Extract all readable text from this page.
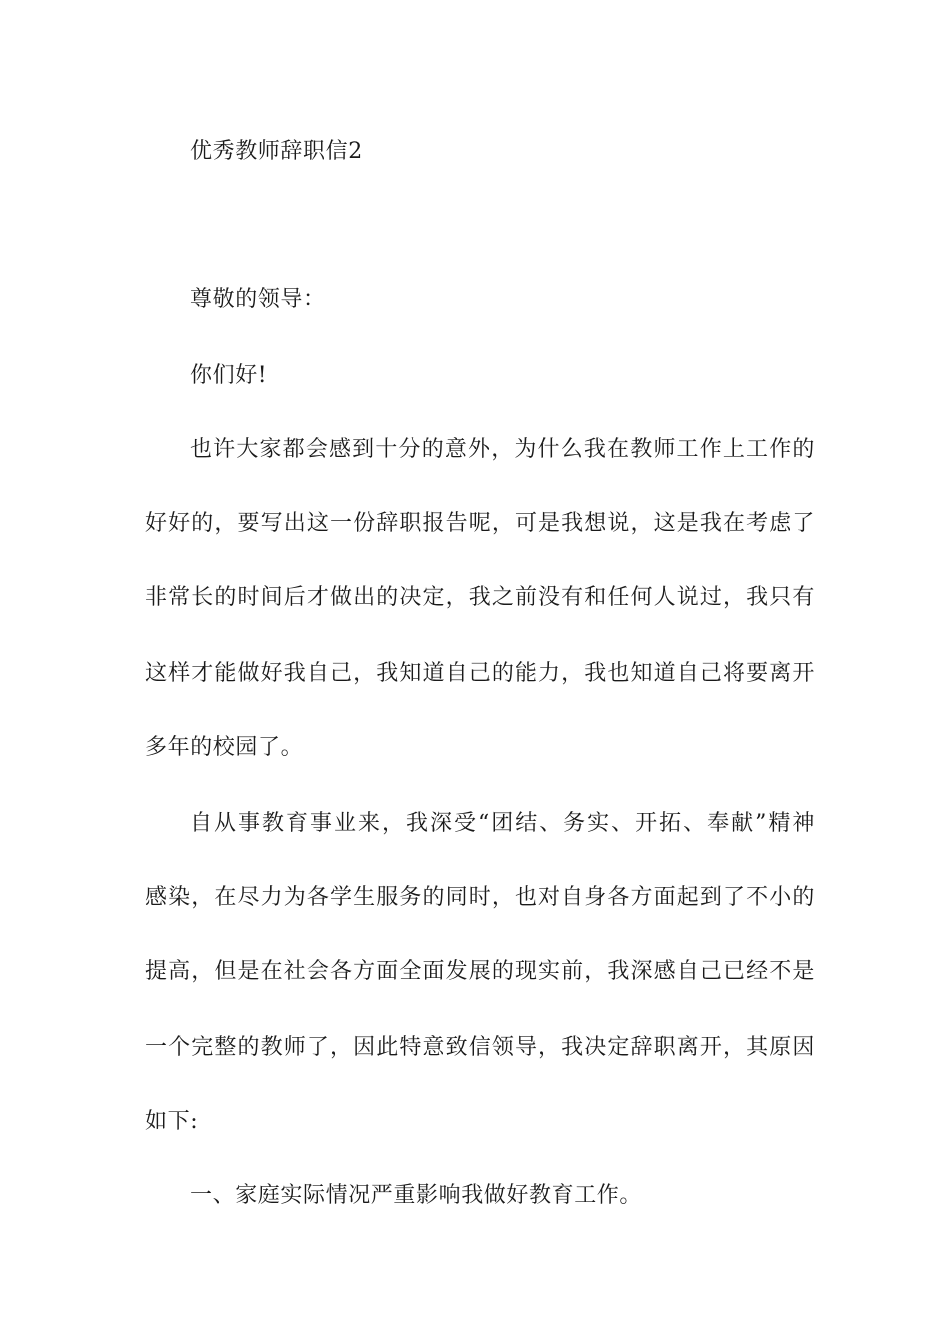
优秀教师辞职信2
尊敬的领导：
你们好!
也许大家都会感到十分的意外，为什么我在教师工作上工作的
好好的，要写出这一份辞职报告呢，可是我想说，这是我在考虑了
非常长的时间后才做出的决定，我之前没有和任何人说过，我只有
这样才能做好我自己，我知道自己的能力，我也知道自己将要离开
多年的校园了。
自从事教育事业来，我深受“团结、务实、开拓、奉献”精神
感染，在尽力为各学生服务的同时，也对自身各方面起到了不小的
提高，但是在社会各方面全面发展的现实前，我深感自己已经不是
一个完整的教师了，因此特意致信领导，我决定辞职离开，其原因
如下:
一、家庭实际情况严重影响我做好教育工作。
